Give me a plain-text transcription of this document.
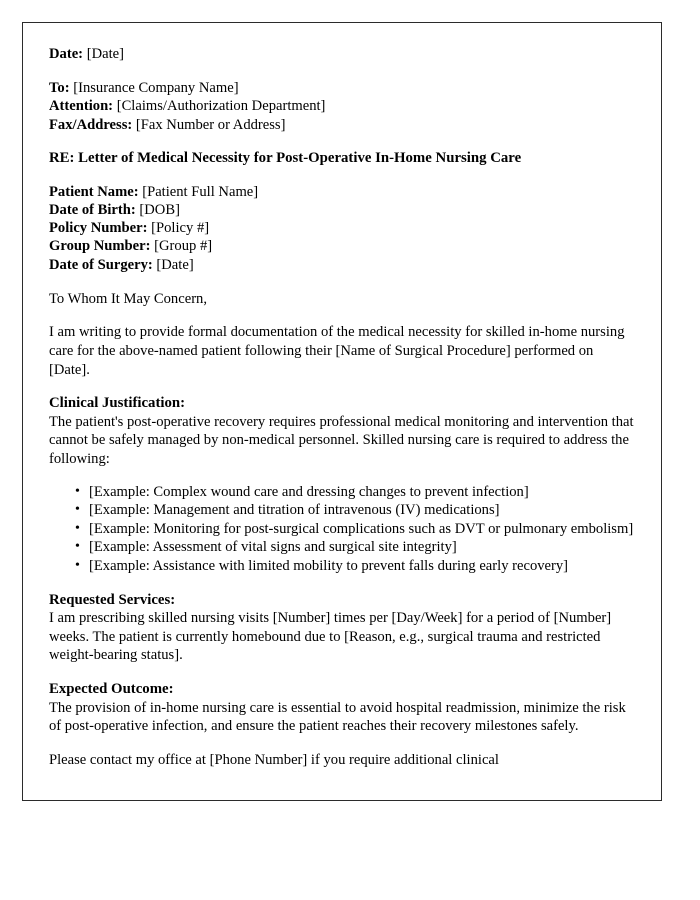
Date: [Date]
To: [Insurance Company Name]
Attention: [Claims/Authorization Department]
Fax/Address: [Fax Number or Address]
RE: Letter of Medical Necessity for Post-Operative In-Home Nursing Care
Patient Name: [Patient Full Name]
Date of Birth: [DOB]
Policy Number: [Policy #]
Group Number: [Group #]
Date of Surgery: [Date]
To Whom It May Concern,
I am writing to provide formal documentation of the medical necessity for skilled in-home nursing care for the above-named patient following their [Name of Surgical Procedure] performed on [Date].
Clinical Justification:
The patient's post-operative recovery requires professional medical monitoring and intervention that cannot be safely managed by non-medical personnel. Skilled nursing care is required to address the following:
• [Example: Complex wound care and dressing changes to prevent infection]
• [Example: Management and titration of intravenous (IV) medications]
• [Example: Monitoring for post-surgical complications such as DVT or pulmonary embolism]
• [Example: Assessment of vital signs and surgical site integrity]
• [Example: Assistance with limited mobility to prevent falls during early recovery]
Requested Services:
I am prescribing skilled nursing visits [Number] times per [Day/Week] for a period of [Number] weeks. The patient is currently homebound due to [Reason, e.g., surgical trauma and restricted weight-bearing status].
Expected Outcome:
The provision of in-home nursing care is essential to avoid hospital readmission, minimize the risk of post-operative infection, and ensure the patient reaches their recovery milestones safely.
Please contact my office at [Phone Number] if you require additional clinical
